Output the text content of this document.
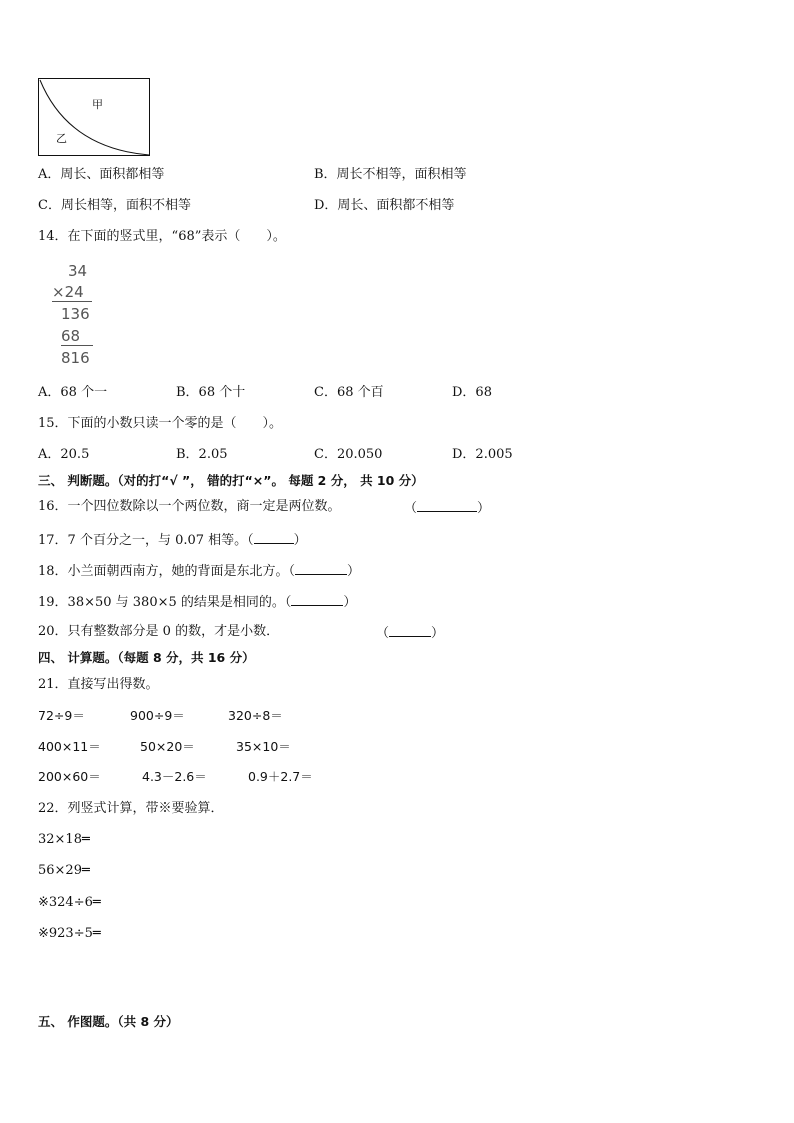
甲
乙
A．周长、面积都相等	B．周长不相等，面积相等
C．周长相等，面积不相等	D．周长、面积都不相等
14．在下面的竖式里，“68”表示（　　）。
34
×24
136
68
816
A．68 个一	B．68 个十	C．68 个百	D．68
15．下面的小数只读一个零的是（　　）。
A．20.5	B．2.05	C．20.050	D．2.005
三、 判断题。（对的打“√ ”， 错的打“×”。 每题 2 分， 共 10 分）
16．一个四位数除以一个两位数，商一定是两位数。	（	）
17．7 个百分之一，与 0.07 相等。（	）
18．小兰面朝西南方，她的背面是东北方。（	）
19．38×50 与 380×5 的结果是相同的。（	）
20．只有整数部分是 0 的数，才是小数．	（	）
四、 计算题。（每题 8 分，共 16 分）
21．直接写出得数。
72÷9＝	900÷9＝	320÷8＝
400×11＝	50×20＝	35×10＝
200×60＝	4.3－2.6＝	0.9＋2.7＝
22．列竖式计算，带※要验算．
32×18═
56×29═
※324÷6═
※923÷5═
五、 作图题。（共 8 分）
